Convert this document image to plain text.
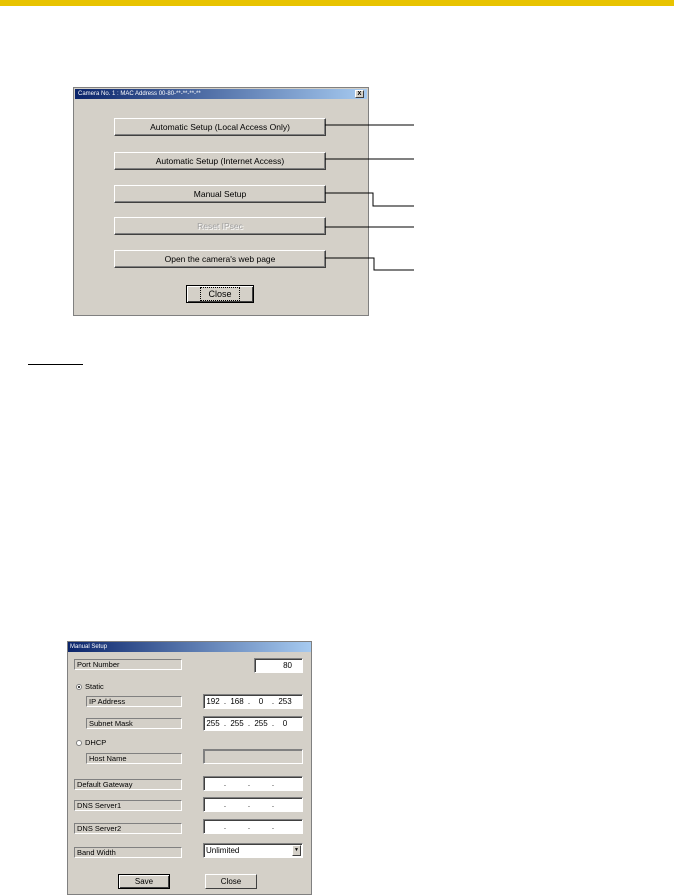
Camera No. 1 : MAC Address 00-80-**-**-**-**	x
Automatic Setup (Local Access Only)
Automatic Setup (Internet Access)
Manual Setup
Reset IPsec
Open the camera's web page
Close
Manual Setup
Port Number	80
Static
IP Address	192 . 168 . 0 . 253
Subnet Mask	255 . 255 . 255 . 0
DHCP
Host Name
Default Gateway	.	.	.
DNS Server1	.	.	.
DNS Server2	.	.	.
Band Width	Unlimited	▼
Save	Close
